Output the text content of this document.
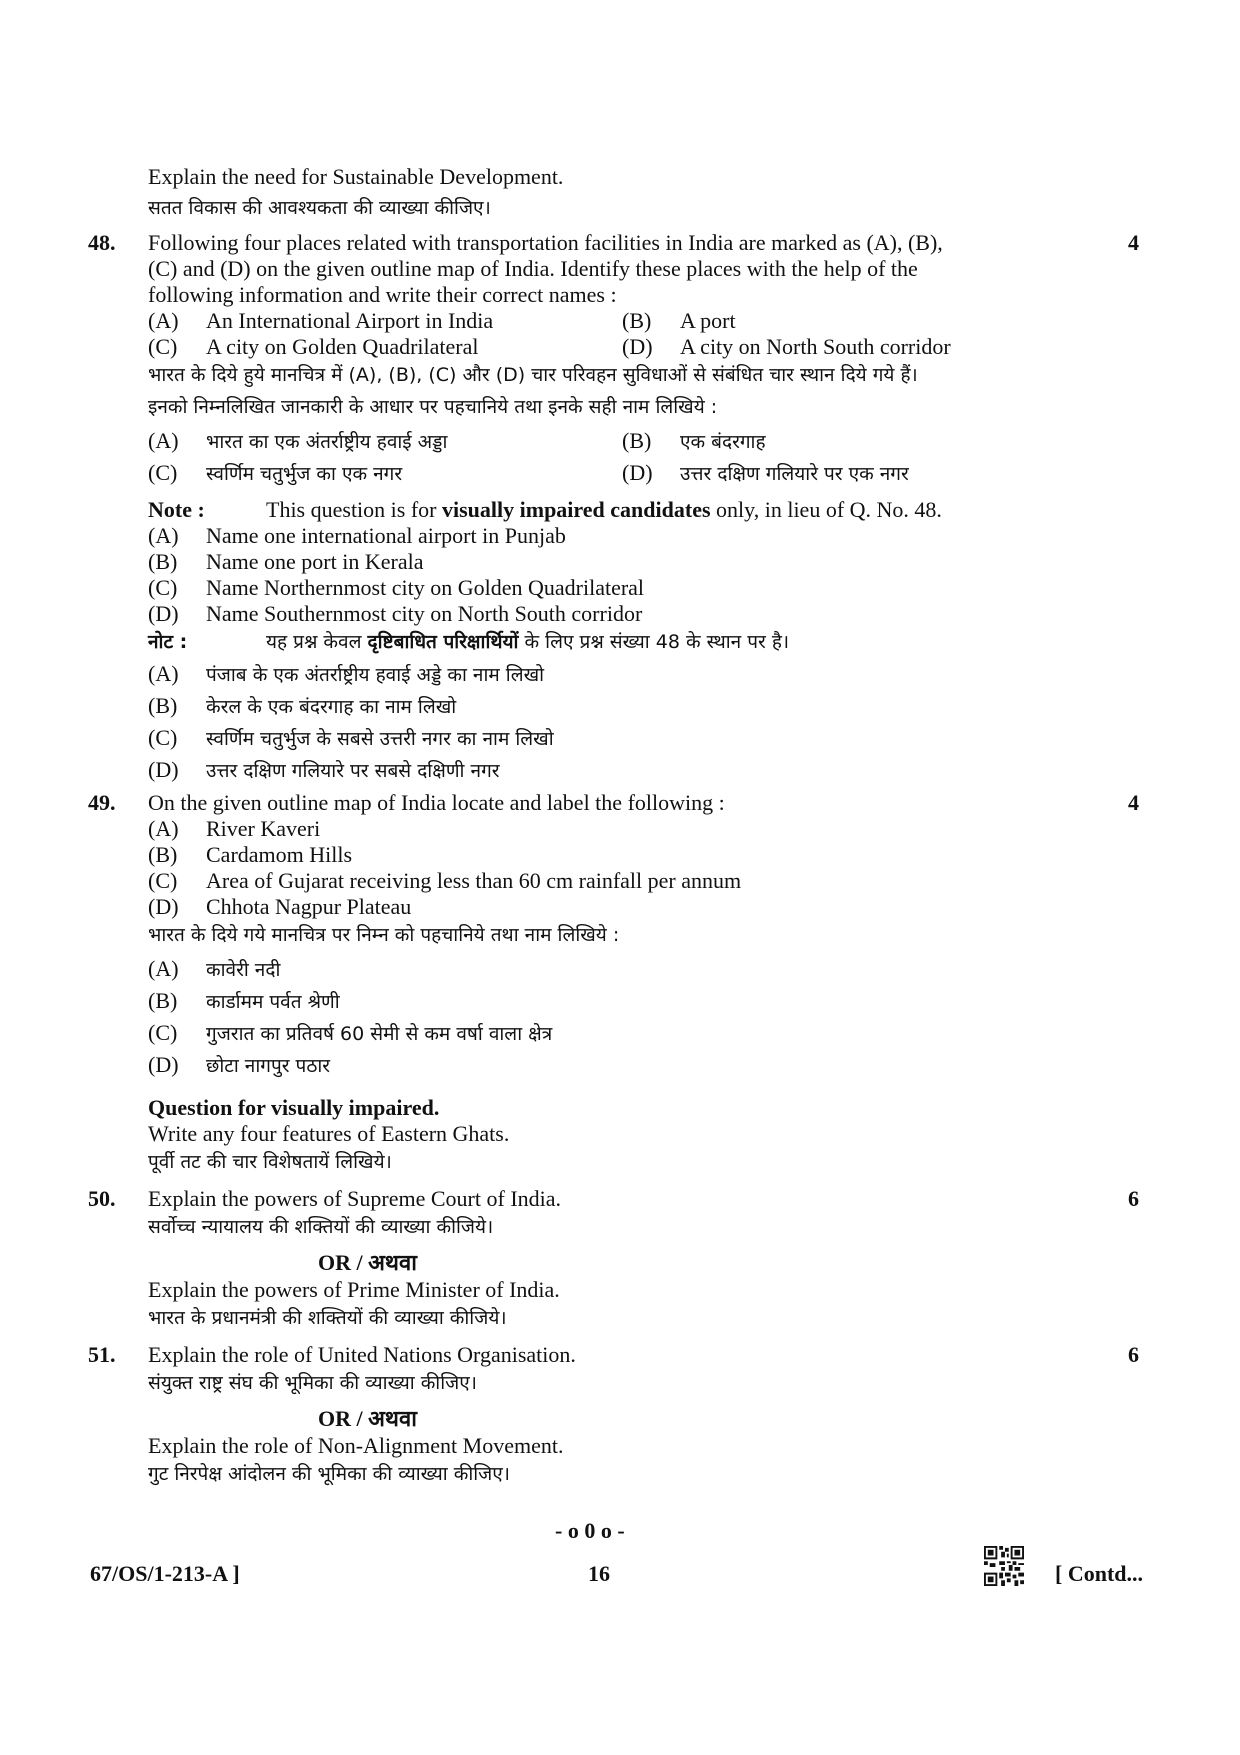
Explain the need for Sustainable Development.
सतत विकास की आवश्यकता की व्याख्या कीजिए।
48.	4
Following four places related with transportation facilities in India are marked as (A), (B),
(C) and (D) on the given outline map of India. Identify these places with the help of the
following information and write their correct names :
(A) An International Airport in India	(B) A port
(C) A city on Golden Quadrilateral	(D) A city on North South corridor
भारत के दिये हुये मानचित्र में (A), (B), (C) और (D) चार परिवहन सुविधाओं से संबंधित चार स्थान दिये गये हैं।
इनको निम्नलिखित जानकारी के आधार पर पहचानिये तथा इनके सही नाम लिखिये :
(A) भारत का एक अंतर्राष्ट्रीय हवाई अड्डा	(B) एक बंदरगाह
(C) स्वर्णिम चतुर्भुज का एक नगर	(D) उत्तर दक्षिण गलियारे पर एक नगर
Note :	This question is for visually impaired candidates only, in lieu of Q. No. 48.
(A) Name one international airport in Punjab
(B) Name one port in Kerala
(C) Name Northernmost city on Golden Quadrilateral
(D) Name Southernmost city on North South corridor
नोट :	यह प्रश्न केवल दृष्टिबाधित परिक्षार्थियों के लिए प्रश्न संख्या 48 के स्थान पर है।
(A) पंजाब के एक अंतर्राष्ट्रीय हवाई अड्डे का नाम लिखो
(B) केरल के एक बंदरगाह का नाम लिखो
(C) स्वर्णिम चतुर्भुज के सबसे उत्तरी नगर का नाम लिखो
(D) उत्तर दक्षिण गलियारे पर सबसे दक्षिणी नगर
49.	4
On the given outline map of India locate and label the following :
(A) River Kaveri
(B) Cardamom Hills
(C) Area of Gujarat receiving less than 60 cm rainfall per annum
(D) Chhota Nagpur Plateau
भारत के दिये गये मानचित्र पर निम्न को पहचानिये तथा नाम लिखिये :
(A) कावेरी नदी
(B) कार्डामम पर्वत श्रेणी
(C) गुजरात का प्रतिवर्ष 60 सेमी से कम वर्षा वाला क्षेत्र
(D) छोटा नागपुर पठार
Question for visually impaired.
Write any four features of Eastern Ghats.
पूर्वी तट की चार विशेषतायें लिखिये।
50.	6
Explain the powers of Supreme Court of India.
सर्वोच्च न्यायालय की शक्तियों की व्याख्या कीजिये।
OR / अथवा
Explain the powers of Prime Minister of India.
भारत के प्रधानमंत्री की शक्तियों की व्याख्या कीजिये।
51.	6
Explain the role of United Nations Organisation.
संयुक्त राष्ट्र संघ की भूमिका की व्याख्या कीजिए।
OR / अथवा
Explain the role of Non-Alignment Movement.
गुट निरपेक्ष आंदोलन की भूमिका की व्याख्या कीजिए।
- o 0 o -
67/OS/1-213-A ]	16	[ Contd...
